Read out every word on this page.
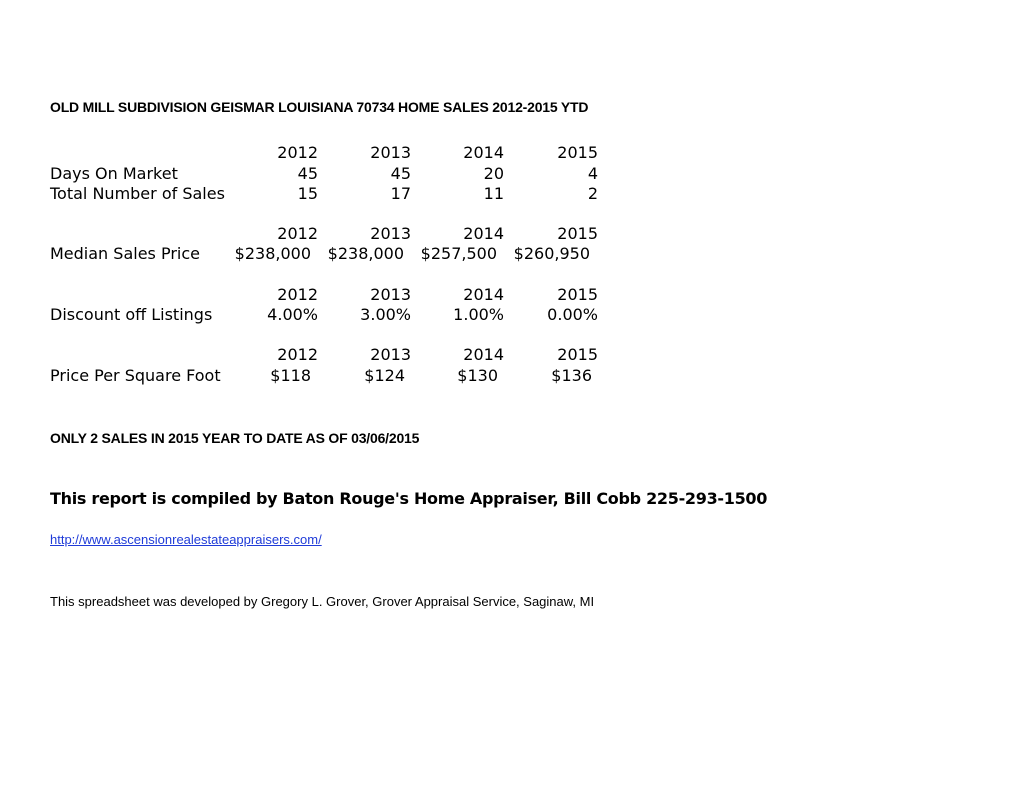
OLD MILL SUBDIVISION GEISMAR LOUISIANA 70734 HOME SALES 2012-2015 YTD
2012	2013	2014	2015
Days On Market	45	45	20	4
Total Number of Sales	15	17	11	2
2012	2013	2014	2015
Median Sales Price	$238,000	$238,000	$257,500	$260,950
2012	2013	2014	2015
Discount off Listings	4.00%	3.00%	1.00%	0.00%
2012	2013	2014	2015
Price Per Square Foot	$118	$124	$130	$136
ONLY 2 SALES IN 2015 YEAR TO DATE AS OF 03/06/2015
This report is compiled by Baton Rouge's Home Appraiser, Bill Cobb 225-293-1500
http://www.ascensionrealestateappraisers.com/
This spreadsheet was developed by Gregory L. Grover, Grover Appraisal Service, Saginaw, MI
